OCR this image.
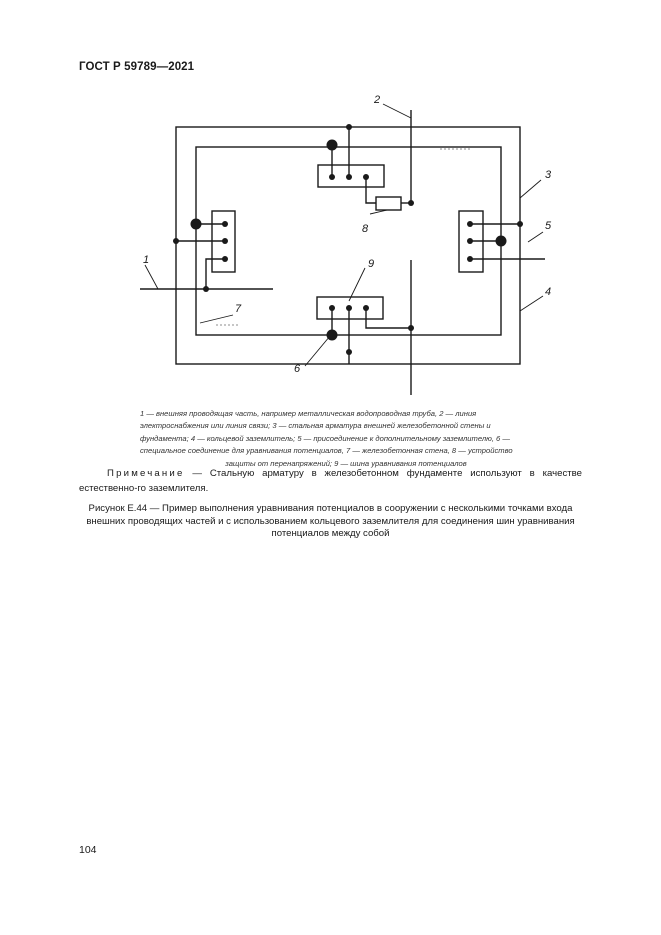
ГОСТ Р 59789—2021
1
2
3
4
5
6
7
8
9

1 — внешняя проводящая часть, например металлическая водопроводная труба, 2 — линия

электроснабжения или линия связи; 3 — стальная арматура внешней железобетонной стены и

фундамента; 4 — кольцевой заземлитель; 5 — присоединение к дополнительному заземлителю, 6 —

специальное соединение для уравнивания потенциалов, 7 — железобетонная стена, 8 — устройство

защиты от перенапряжений; 9 — шина уравнивания потенциалов

Примечание — Стальную арматуру в железобетонном фундаменте используют в качестве естественно-го заземлителя.
Рисунок Е.44 — Пример выполнения уравнивания потенциалов в сооружении с несколькими точками входа внешних проводящих частей и с использованием кольцевого заземлителя для соединения шин уравнивания потенциалов между собой
104
